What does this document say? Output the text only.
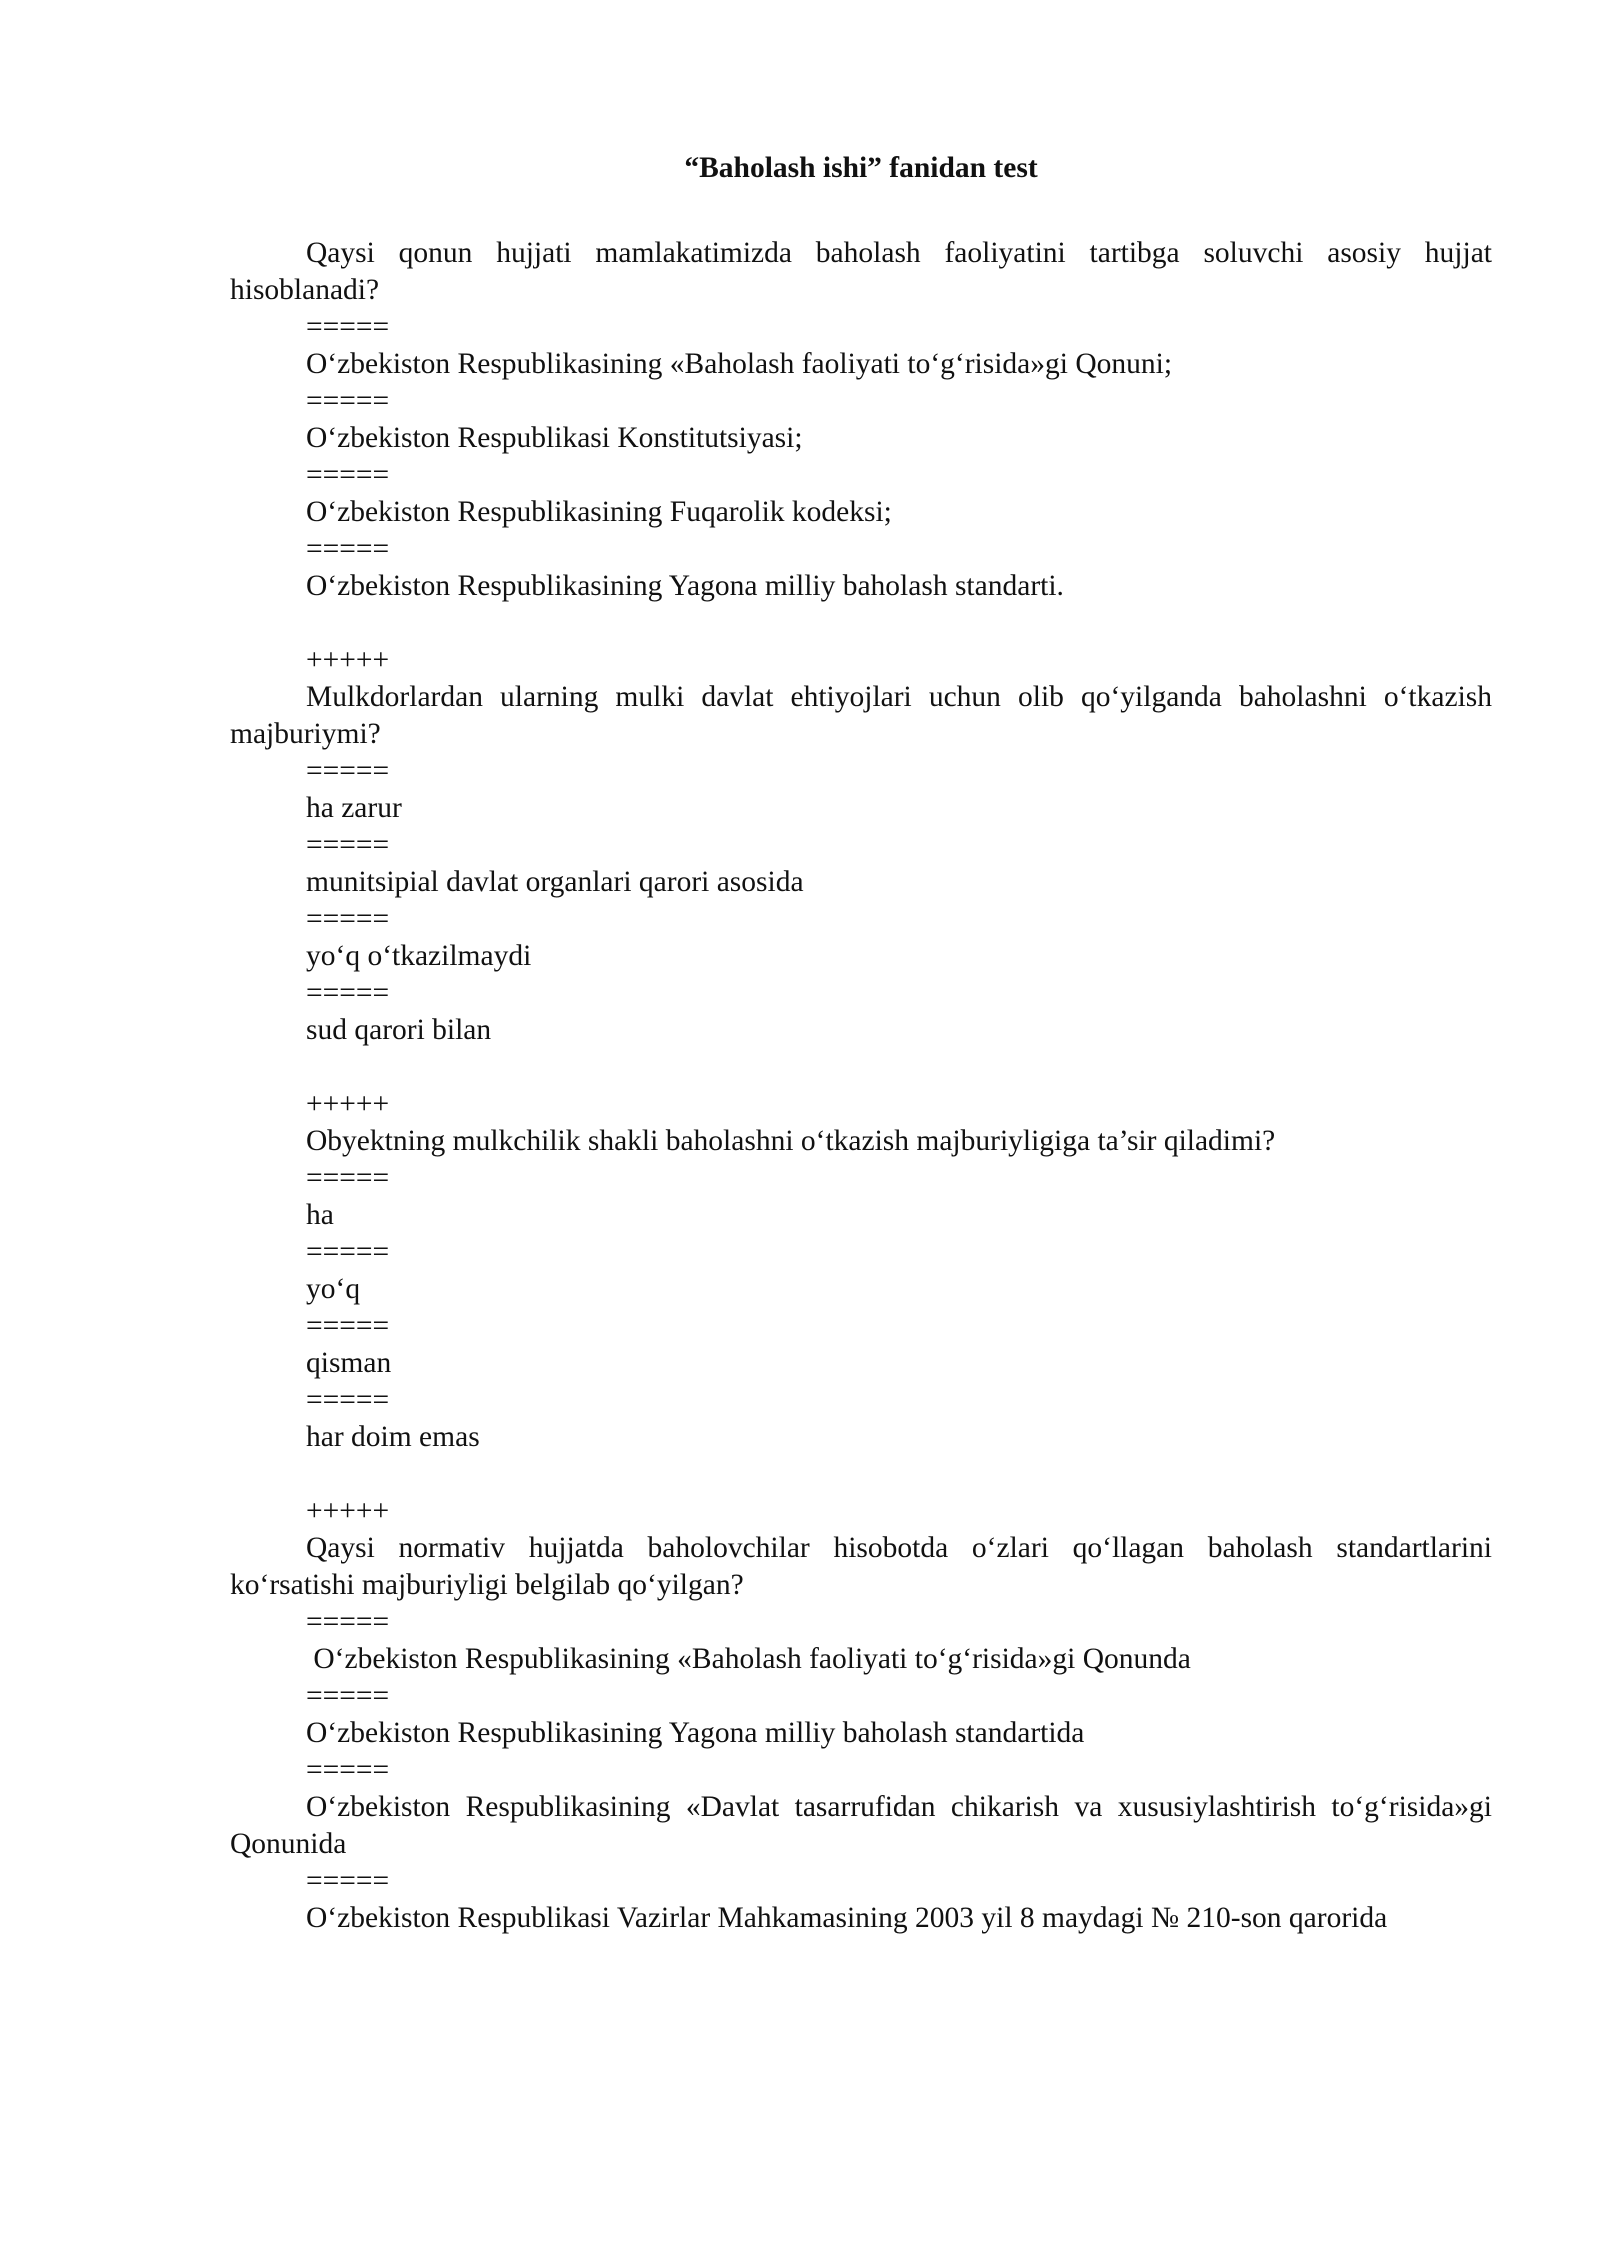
“Baholash ishi” fanidan test
Qaysi qonun hujjati mamlakatimizda baholash faoliyatini tartibga soluvchi asosiy hujjat hisoblanadi?
=====
O‘zbekiston Respublikasining «Baholash faoliyati to‘g‘risida»gi Qonuni;
=====
O‘zbekiston Respublikasi Konstitutsiyasi;
=====
O‘zbekiston Respublikasining Fuqarolik kodeksi;
=====
O‘zbekiston Respublikasining Yagona milliy baholash standarti.
+++++
Mulkdorlardan ularning mulki davlat ehtiyojlari uchun olib qo‘yilganda baholashni o‘tkazish majburiymi?
=====
ha zarur
=====
munitsipial davlat organlari qarori asosida
=====
yo‘q o‘tkazilmaydi
=====
sud qarori bilan
+++++
Obyektning mulkchilik shakli baholashni o‘tkazish majburiyligiga ta’sir qiladimi?
=====
ha
=====
yo‘q
=====
qisman
=====
har doim emas
+++++
Qaysi normativ hujjatda baholovchilar hisobotda o‘zlari qo‘llagan baholash standartlarini ko‘rsatishi majburiyligi belgilab qo‘yilgan?
=====
O‘zbekiston Respublikasining «Baholash faoliyati to‘g‘risida»gi Qonunda
=====
O‘zbekiston Respublikasining Yagona milliy baholash standartida
=====
O‘zbekiston Respublikasining «Davlat tasarrufidan chikarish va xususiylashtirish to‘g‘risida»gi Qonunida
=====
O‘zbekiston Respublikasi Vazirlar Mahkamasining 2003 yil 8 maydagi № 210-son qarorida
